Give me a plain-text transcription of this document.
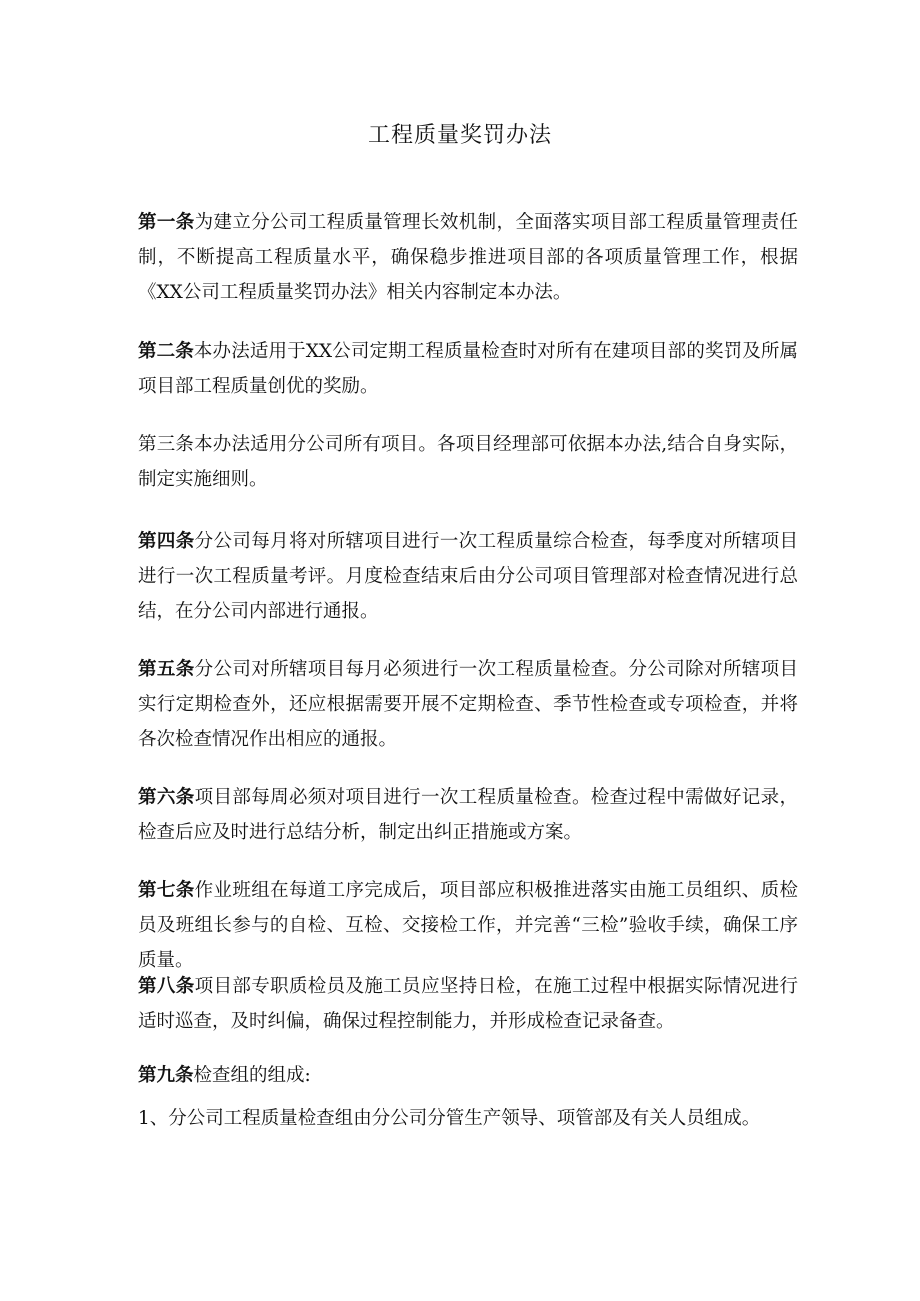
工程质量奖罚办法

第一条为建立分公司工程质量管理长效机制，全面落实项目部工程质量管理责任制，不断提高工程质量水平，确保稳步推进项目部的各项质量管理工作，根据《XX公司工程质量奖罚办法》相关内容制定本办法。

第二条本办法适用于XX公司定期工程质量检查时对所有在建项目部的奖罚及所属项目部工程质量创优的奖励。

第三条本办法适用分公司所有项目。各项目经理部可依据本办法,结合自身实际，制定实施细则。

第四条分公司每月将对所辖项目进行一次工程质量综合检查，每季度对所辖项目进行一次工程质量考评。月度检查结束后由分公司项目管理部对检查情况进行总结，在分公司内部进行通报。

第五条分公司对所辖项目每月必须进行一次工程质量检查。分公司除对所辖项目实行定期检查外，还应根据需要开展不定期检查、季节性检查或专项检查，并将各次检查情况作出相应的通报。

第六条项目部每周必须对项目进行一次工程质量检查。检查过程中需做好记录，检查后应及时进行总结分析，制定出纠正措施或方案。

第七条作业班组在每道工序完成后，项目部应积极推进落实由施工员组织、质检员及班组长参与的自检、互检、交接检工作，并完善“三检”验收手续，确保工序质量。

第八条项目部专职质检员及施工员应坚持日检，在施工过程中根据实际情况进行适时巡查，及时纠偏，确保过程控制能力，并形成检查记录备查。

第九条检查组的组成:

1、分公司工程质量检查组由分公司分管生产领导、项管部及有关人员组成。
